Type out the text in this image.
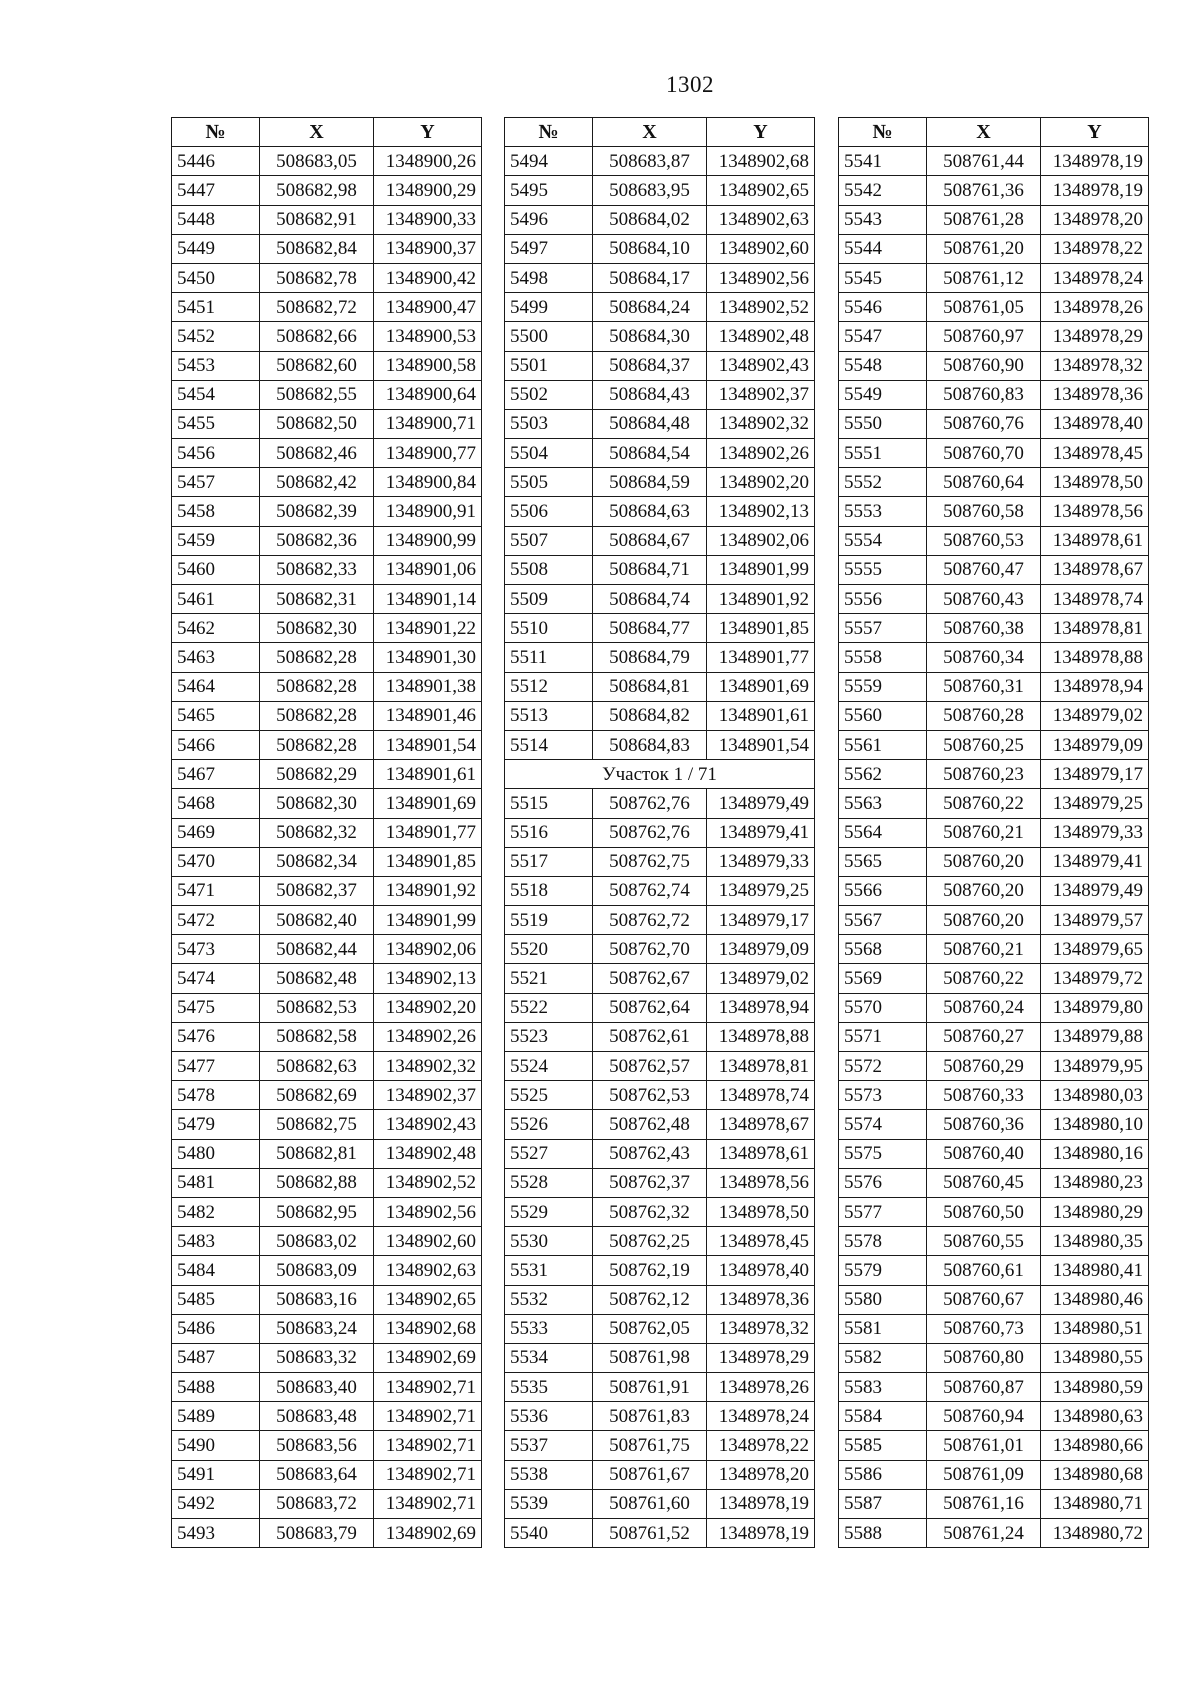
1302
№	X	Y
5446	508683,05	1348900,26
5447	508682,98	1348900,29
5448	508682,91	1348900,33
5449	508682,84	1348900,37
5450	508682,78	1348900,42
5451	508682,72	1348900,47
5452	508682,66	1348900,53
5453	508682,60	1348900,58
5454	508682,55	1348900,64
5455	508682,50	1348900,71
5456	508682,46	1348900,77
5457	508682,42	1348900,84
5458	508682,39	1348900,91
5459	508682,36	1348900,99
5460	508682,33	1348901,06
5461	508682,31	1348901,14
5462	508682,30	1348901,22
5463	508682,28	1348901,30
5464	508682,28	1348901,38
5465	508682,28	1348901,46
5466	508682,28	1348901,54
5467	508682,29	1348901,61
5468	508682,30	1348901,69
5469	508682,32	1348901,77
5470	508682,34	1348901,85
5471	508682,37	1348901,92
5472	508682,40	1348901,99
5473	508682,44	1348902,06
5474	508682,48	1348902,13
5475	508682,53	1348902,20
5476	508682,58	1348902,26
5477	508682,63	1348902,32
5478	508682,69	1348902,37
5479	508682,75	1348902,43
5480	508682,81	1348902,48
5481	508682,88	1348902,52
5482	508682,95	1348902,56
5483	508683,02	1348902,60
5484	508683,09	1348902,63
5485	508683,16	1348902,65
5486	508683,24	1348902,68
5487	508683,32	1348902,69
5488	508683,40	1348902,71
5489	508683,48	1348902,71
5490	508683,56	1348902,71
5491	508683,64	1348902,71
5492	508683,72	1348902,71
5493	508683,79	1348902,69
№	X	Y
5494	508683,87	1348902,68
5495	508683,95	1348902,65
5496	508684,02	1348902,63
5497	508684,10	1348902,60
5498	508684,17	1348902,56
5499	508684,24	1348902,52
5500	508684,30	1348902,48
5501	508684,37	1348902,43
5502	508684,43	1348902,37
5503	508684,48	1348902,32
5504	508684,54	1348902,26
5505	508684,59	1348902,20
5506	508684,63	1348902,13
5507	508684,67	1348902,06
5508	508684,71	1348901,99
5509	508684,74	1348901,92
5510	508684,77	1348901,85
5511	508684,79	1348901,77
5512	508684,81	1348901,69
5513	508684,82	1348901,61
5514	508684,83	1348901,54
Участок 1 / 71		
5515	508762,76	1348979,49
5516	508762,76	1348979,41
5517	508762,75	1348979,33
5518	508762,74	1348979,25
5519	508762,72	1348979,17
5520	508762,70	1348979,09
5521	508762,67	1348979,02
5522	508762,64	1348978,94
5523	508762,61	1348978,88
5524	508762,57	1348978,81
5525	508762,53	1348978,74
5526	508762,48	1348978,67
5527	508762,43	1348978,61
5528	508762,37	1348978,56
5529	508762,32	1348978,50
5530	508762,25	1348978,45
5531	508762,19	1348978,40
5532	508762,12	1348978,36
5533	508762,05	1348978,32
5534	508761,98	1348978,29
5535	508761,91	1348978,26
5536	508761,83	1348978,24
5537	508761,75	1348978,22
5538	508761,67	1348978,20
5539	508761,60	1348978,19
5540	508761,52	1348978,19
№	X	Y
5541	508761,44	1348978,19
5542	508761,36	1348978,19
5543	508761,28	1348978,20
5544	508761,20	1348978,22
5545	508761,12	1348978,24
5546	508761,05	1348978,26
5547	508760,97	1348978,29
5548	508760,90	1348978,32
5549	508760,83	1348978,36
5550	508760,76	1348978,40
5551	508760,70	1348978,45
5552	508760,64	1348978,50
5553	508760,58	1348978,56
5554	508760,53	1348978,61
5555	508760,47	1348978,67
5556	508760,43	1348978,74
5557	508760,38	1348978,81
5558	508760,34	1348978,88
5559	508760,31	1348978,94
5560	508760,28	1348979,02
5561	508760,25	1348979,09
5562	508760,23	1348979,17
5563	508760,22	1348979,25
5564	508760,21	1348979,33
5565	508760,20	1348979,41
5566	508760,20	1348979,49
5567	508760,20	1348979,57
5568	508760,21	1348979,65
5569	508760,22	1348979,72
5570	508760,24	1348979,80
5571	508760,27	1348979,88
5572	508760,29	1348979,95
5573	508760,33	1348980,03
5574	508760,36	1348980,10
5575	508760,40	1348980,16
5576	508760,45	1348980,23
5577	508760,50	1348980,29
5578	508760,55	1348980,35
5579	508760,61	1348980,41
5580	508760,67	1348980,46
5581	508760,73	1348980,51
5582	508760,80	1348980,55
5583	508760,87	1348980,59
5584	508760,94	1348980,63
5585	508761,01	1348980,66
5586	508761,09	1348980,68
5587	508761,16	1348980,71
5588	508761,24	1348980,72
